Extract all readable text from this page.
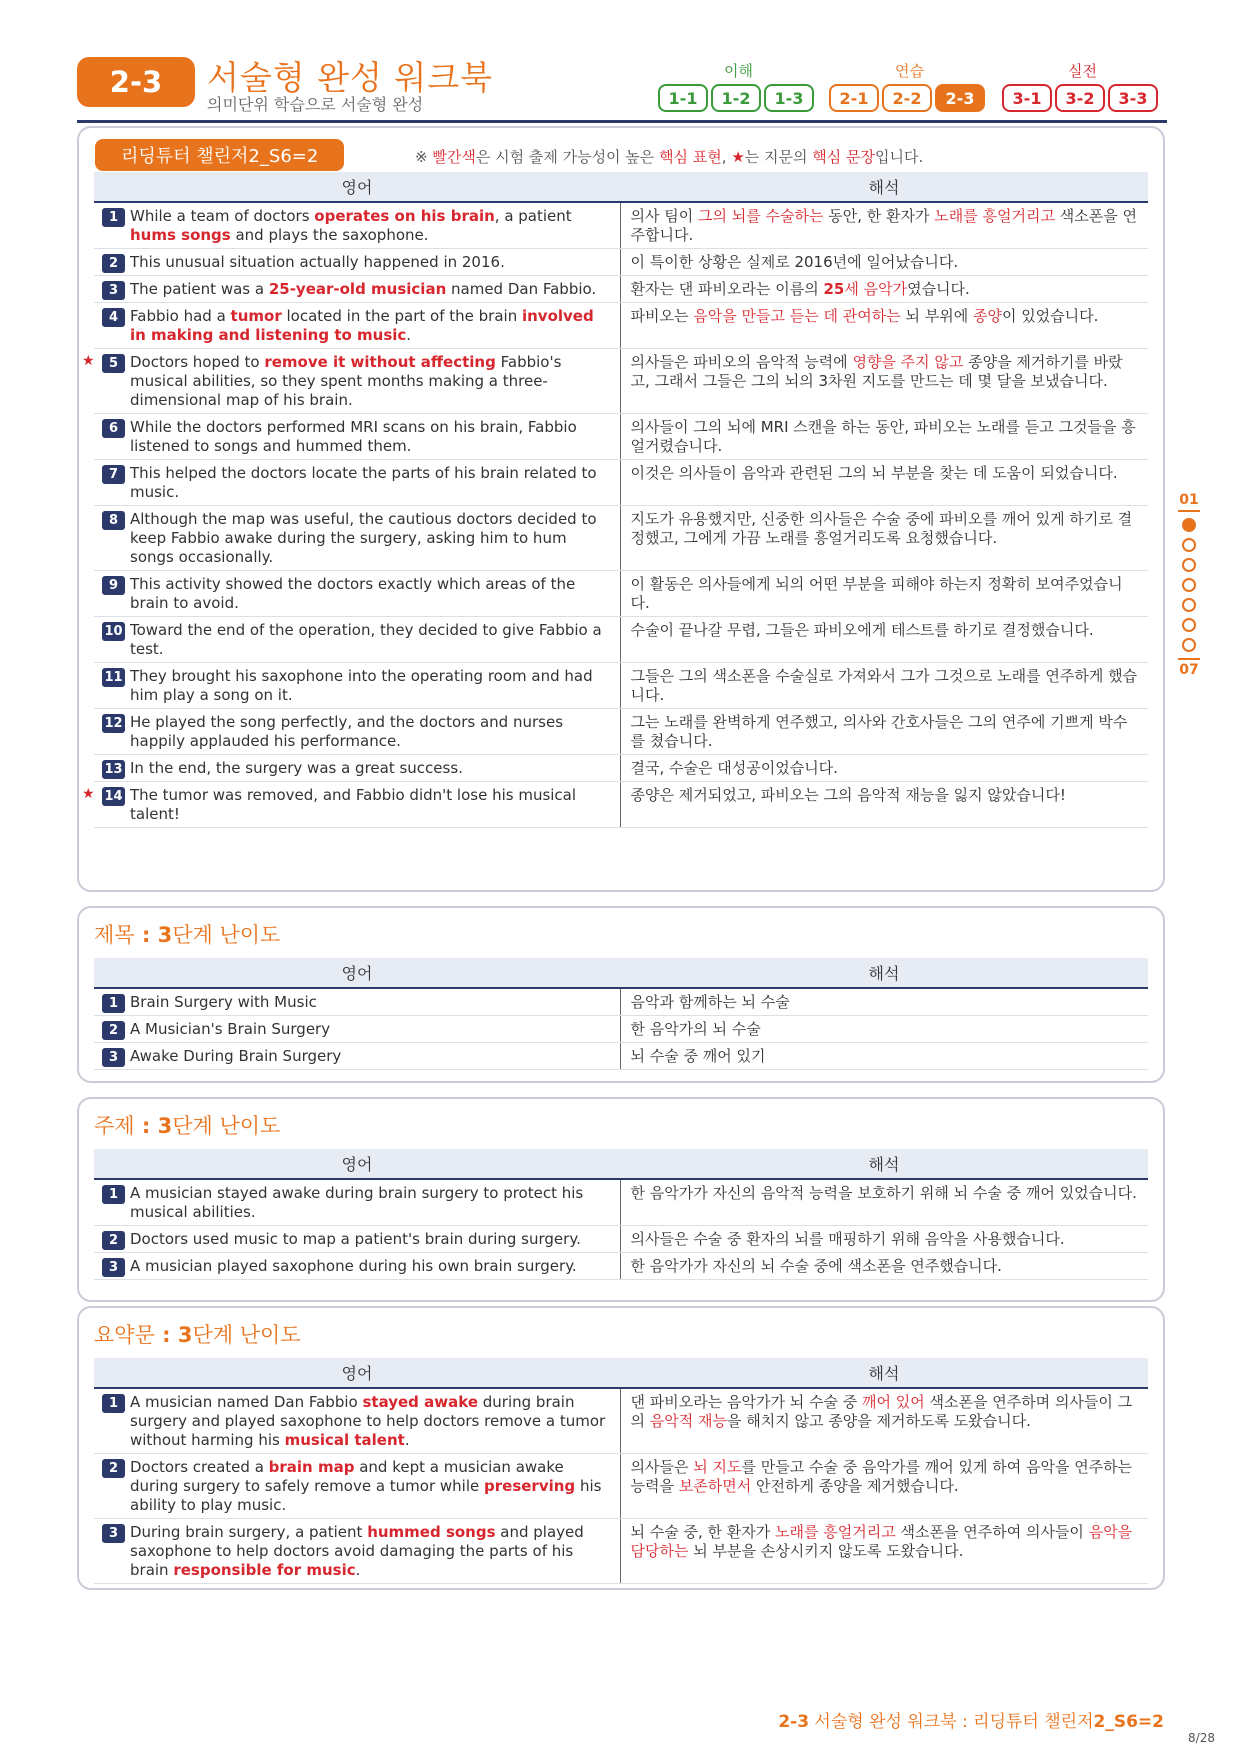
2-3	서술형 완성 워크북
의미단위 학습으로 서술형 완성
이해
1-1	1-2	1-3
연습
2-1	2-2	2-3
실전
3-1	3-2	3-3
리딩튜터 챌린저2_S6=2	※ 빨간색은 시험 출제 가능성이 높은 핵심 표현, ★는 지문의 핵심 문장입니다.
영어	해석

1 While a team of doctors operates on his brain, a patient hums songs and plays the saxophone.	의사 팀이 그의 뇌를 수술하는 동안, 한 환자가 노래를 흥얼거리고 색소폰을 연주합니다.

2 This unusual situation actually happened in 2016.	이 특이한 상황은 실제로 2016년에 일어났습니다.

3 The patient was a 25-year-old musician named Dan Fabbio.	환자는 댄 파비오라는 이름의 25세 음악가였습니다.

4 Fabbio had a tumor located in the part of the brain involved in making and listening to music.	파비오는 음악을 만들고 듣는 데 관여하는 뇌 부위에 종양이 있었습니다.

★ 5 Doctors hoped to remove it without affecting Fabbio's musical abilities, so they spent months making a three-dimensional map of his brain.	의사들은 파비오의 음악적 능력에 영향을 주지 않고 종양을 제거하기를 바랐고, 그래서 그들은 그의 뇌의 3차원 지도를 만드는 데 몇 달을 보냈습니다.

6 While the doctors performed MRI scans on his brain, Fabbio listened to songs and hummed them.	의사들이 그의 뇌에 MRI 스캔을 하는 동안, 파비오는 노래를 듣고 그것들을 흥얼거렸습니다.

7 This helped the doctors locate the parts of his brain related to music.	이것은 의사들이 음악과 관련된 그의 뇌 부분을 찾는 데 도움이 되었습니다.

8 Although the map was useful, the cautious doctors decided to keep Fabbio awake during the surgery, asking him to hum songs occasionally.	지도가 유용했지만, 신중한 의사들은 수술 중에 파비오를 깨어 있게 하기로 결정했고, 그에게 가끔 노래를 흥얼거리도록 요청했습니다.

9 This activity showed the doctors exactly which areas of the brain to avoid.	이 활동은 의사들에게 뇌의 어떤 부분을 피해야 하는지 정확히 보여주었습니다.

10 Toward the end of the operation, they decided to give Fabbio a test.	수술이 끝나갈 무렵, 그들은 파비오에게 테스트를 하기로 결정했습니다.

11 They brought his saxophone into the operating room and had him play a song on it.	그들은 그의 색소폰을 수술실로 가져와서 그가 그것으로 노래를 연주하게 했습니다.

12 He played the song perfectly, and the doctors and nurses happily applauded his performance.	그는 노래를 완벽하게 연주했고, 의사와 간호사들은 그의 연주에 기쁘게 박수를 쳤습니다.

13 In the end, the surgery was a great success.	결국, 수술은 대성공이었습니다.

★ 14 The tumor was removed, and Fabbio didn't lose his musical talent!	종양은 제거되었고, 파비오는 그의 음악적 재능을 잃지 않았습니다!
제목 : 3단계 난이도
영어	해석

1 Brain Surgery with Music	음악과 함께하는 뇌 수술

2 A Musician's Brain Surgery	한 음악가의 뇌 수술

3 Awake During Brain Surgery	뇌 수술 중 깨어 있기
주제 : 3단계 난이도
영어	해석

1 A musician stayed awake during brain surgery to protect his musical abilities.	한 음악가가 자신의 음악적 능력을 보호하기 위해 뇌 수술 중 깨어 있었습니다.

2 Doctors used music to map a patient's brain during surgery.	의사들은 수술 중 환자의 뇌를 매핑하기 위해 음악을 사용했습니다.

3 A musician played saxophone during his own brain surgery.	한 음악가가 자신의 뇌 수술 중에 색소폰을 연주했습니다.
요약문 : 3단계 난이도
영어	해석

1 A musician named Dan Fabbio stayed awake during brain surgery and played saxophone to help doctors remove a tumor without harming his musical talent.	댄 파비오라는 음악가가 뇌 수술 중 깨어 있어 색소폰을 연주하며 의사들이 그의 음악적 재능을 해치지 않고 종양을 제거하도록 도왔습니다.

2 Doctors created a brain map and kept a musician awake during surgery to safely remove a tumor while preserving his ability to play music.	의사들은 뇌 지도를 만들고 수술 중 음악가를 깨어 있게 하여 음악을 연주하는 능력을 보존하면서 안전하게 종양을 제거했습니다.

3 During brain surgery, a patient hummed songs and played saxophone to help doctors avoid damaging the parts of his brain responsible for music.	뇌 수술 중, 한 환자가 노래를 흥얼거리고 색소폰을 연주하여 의사들이 음악을 담당하는 뇌 부분을 손상시키지 않도록 도왔습니다.
01
07
2-3 서술형 완성 워크북 : 리딩튜터 챌린저2_S6=2
8/28
